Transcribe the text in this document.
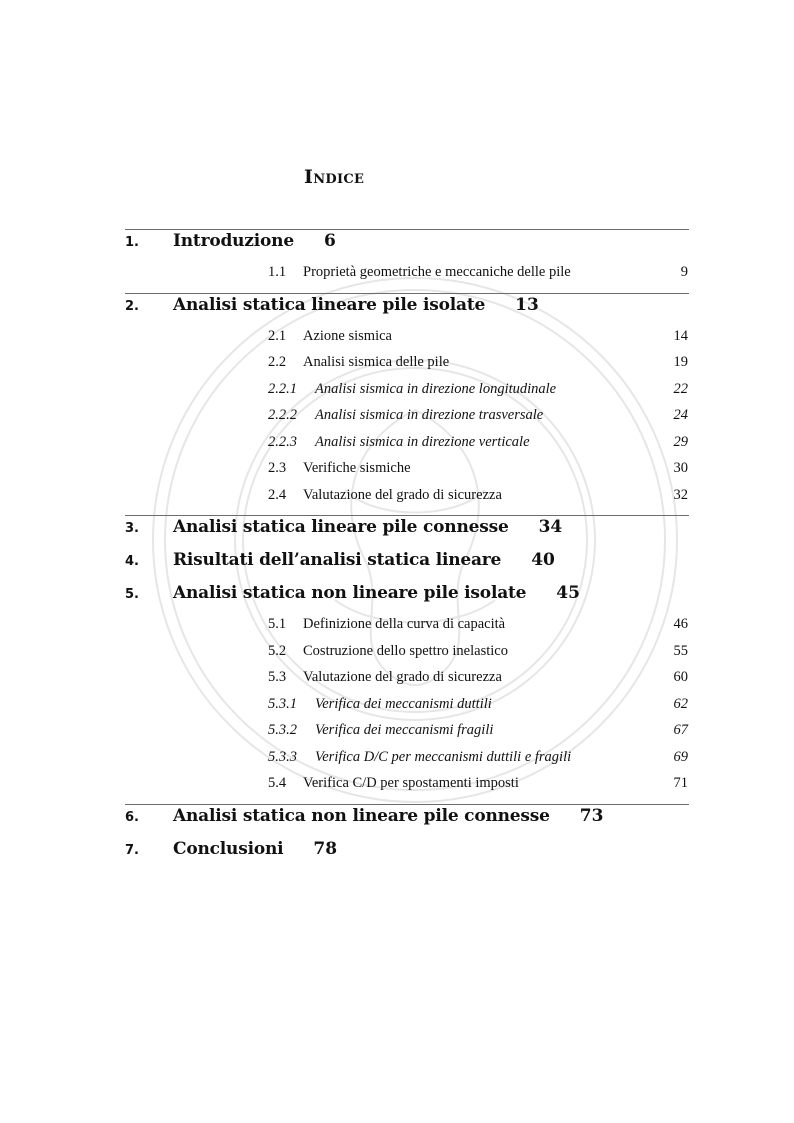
Indice
1.	Introduzione 6
1.1 Proprietà geometriche e meccaniche delle pile	9
2.	Analisi statica lineare pile isolate 13
2.1 Azione sismica	14
2.2 Analisi sismica delle pile	19
2.2.1 Analisi sismica in direzione longitudinale	22
2.2.2 Analisi sismica in direzione trasversale	24
2.2.3 Analisi sismica in direzione verticale	29
2.3 Verifiche sismiche	30
2.4 Valutazione del grado di sicurezza	32
3.	Analisi statica lineare pile connesse 34
4.	Risultati dell’analisi statica lineare 40
5.	Analisi statica non lineare pile isolate 45
5.1 Definizione della curva di capacità	46
5.2 Costruzione dello spettro inelastico	55
5.3 Valutazione del grado di sicurezza	60
5.3.1 Verifica dei meccanismi duttili	62
5.3.2 Verifica dei meccanismi fragili	67
5.3.3 Verifica D/C per meccanismi duttili e fragili	69
5.4 Verifica C/D per spostamenti imposti	71
6.	Analisi statica non lineare pile connesse 73
7.	Conclusioni 78
